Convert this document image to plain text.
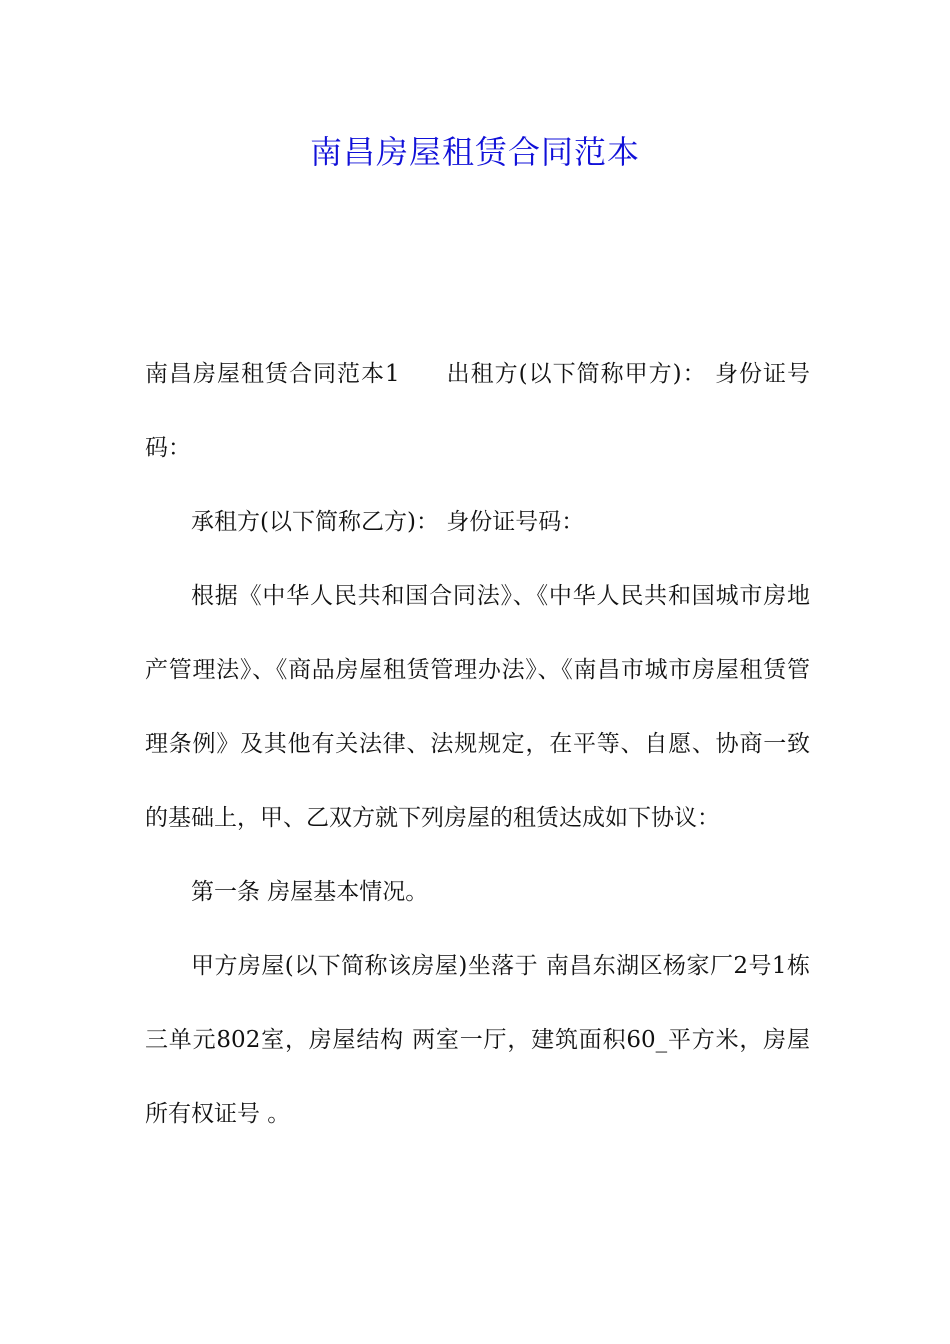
南昌房屋租赁合同范本

南昌房屋租赁合同范本1 出租方(以下简称甲方)： 身份证号码：

承租方(以下简称乙方)： 身份证号码：

根据《中华人民共和国合同法》、《中华人民共和国城市房地产管理法》、《商品房屋租赁管理办法》、《南昌市城市房屋租赁管理条例》及其他有关法律、法规规定，在平等、自愿、协商一致的基础上，甲、乙双方就下列房屋的租赁达成如下协议：

第一条 房屋基本情况。

甲方房屋(以下简称该房屋)坐落于 南昌东湖区杨家厂2号1栋三单元802室，房屋结构 两室一厅，建筑面积60_平方米，房屋所有权证号 。
